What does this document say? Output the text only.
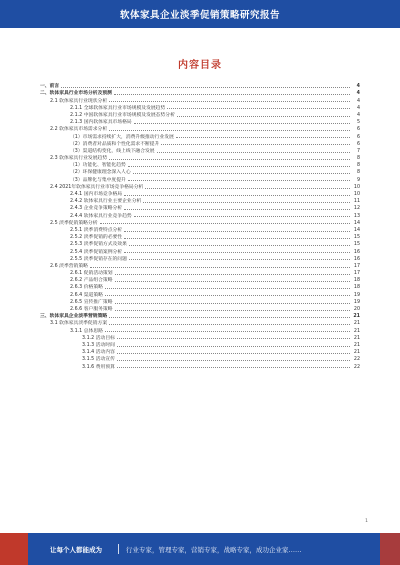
软体家具企业淡季促销策略研究报告
内容目录
一、前言	4
二、软体家具行业市场分析及预测	4
2.1 软体家具行业现状分析	4
2.1.1 全球软体家具行业市场规模及发展趋势	4
2.1.2 中国软体家具行业市场规模及发展态势分析	4
2.1.3 国内软体家具市场格局	5
2.2 软体家具市场需求分析	6
（1）市场需求持续扩大，消费升级推动行业发展	6
（2）消费者对品质和个性化需求不断提升	6
（3）渠道结构变化，线上线下融合发展	7
2.3 软体家具行业发展趋势	8
（1）功能化、智能化趋势	8
（2）环保健康理念深入人心	8
（3）品牌化与集中度提升	9
2.4 2021年软体家具行业市场竞争格局分析	10
2.4.1 国内市场竞争格局	10
2.4.2 软体家具行业主要企业分析	11
2.4.3 企业竞争策略分析	12
2.4.4 软体家具行业竞争趋势	13
2.5 淡季促销策略分析	14
2.5.1 淡季消费特点分析	14
2.5.2 淡季促销的必要性	15
2.5.3 淡季促销方式及效果	15
2.5.4 淡季促销案例分析	16
2.5.5 淡季促销存在的问题	16
2.6 淡季营销策略	17
2.6.1 促销活动策划	17
2.6.2 产品组合策略	18
2.6.3 价格策略	18
2.6.4 渠道策略	19
2.6.5 宣传推广策略	19
2.6.6 客户服务策略	20
三、软体家具企业淡季营销策略	21
3.1 软体家具淡季促销方案	21
3.1.1 总体思路	21
3.1.2 活动目标	21
3.1.3 活动时间	21
3.1.4 活动内容	21
3.1.5 活动宣传	22
3.1.6 费用预算	22
1
让每个人都能成为	行业专家，管理专家，营销专家，战略专家，成功企业家……
